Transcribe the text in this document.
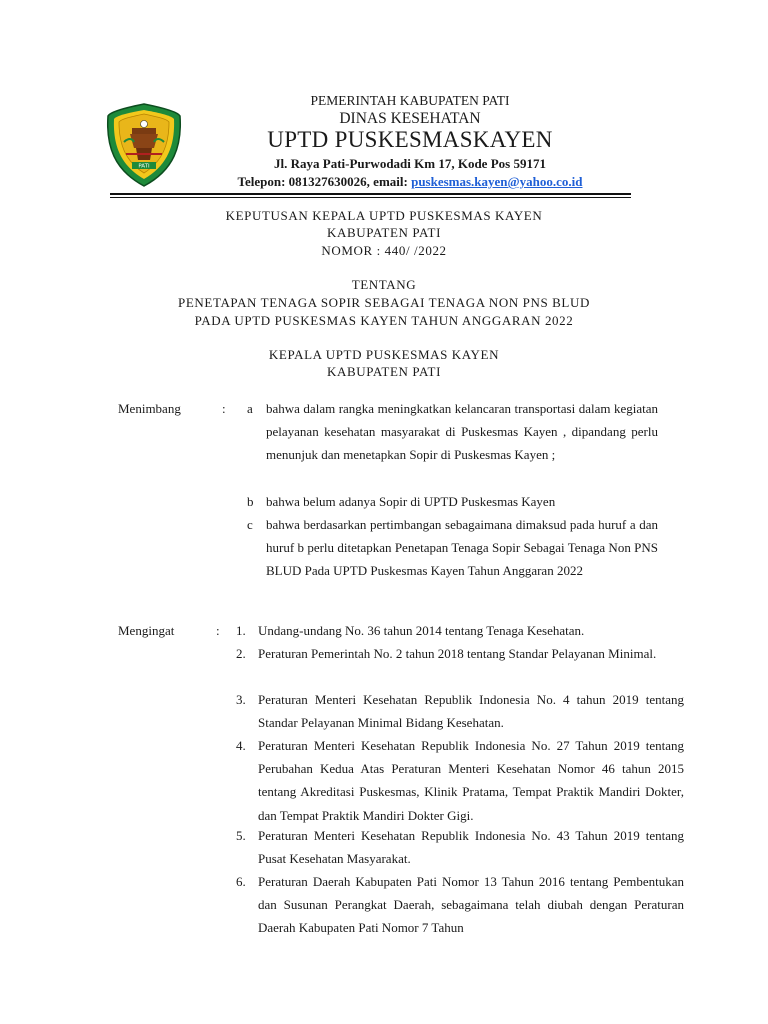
PATI
PEMERINTAH KABUPATEN PATI
DINAS KESEHATAN
UPTD PUSKESMASKAYEN
Jl. Raya Pati-Purwodadi Km 17, Kode Pos 59171
Telepon: 081327630026, email: puskesmas.kayen@yahoo.co.id
KEPUTUSAN KEPALA UPTD PUSKESMAS KAYEN
KABUPATEN PATI
NOMOR : 440/ /2022
TENTANG
PENETAPAN TENAGA SOPIR SEBAGAI TENAGA NON PNS BLUD
PADA UPTD PUSKESMAS KAYEN TAHUN ANGGARAN 2022
KEPALA UPTD PUSKESMAS KAYEN
KABUPATEN PATI
Menimbang	: a bahwa dalam rangka meningkatkan kelancaran transportasi dalam kegiatan pelayanan kesehatan masyarakat di Puskesmas Kayen , dipandang perlu menunjuk dan menetapkan Sopir di Puskesmas Kayen ;
b bahwa belum adanya Sopir di UPTD Puskesmas Kayen
c bahwa berdasarkan pertimbangan sebagaimana dimaksud pada huruf a dan huruf b perlu ditetapkan Penetapan Tenaga Sopir Sebagai Tenaga Non PNS BLUD Pada UPTD Puskesmas Kayen Tahun Anggaran 2022
Mengingat	: 1. Undang-undang No. 36 tahun 2014 tentang Tenaga Kesehatan.
2. Peraturan Pemerintah No. 2 tahun 2018 tentang Standar Pelayanan Minimal.
3. Peraturan Menteri Kesehatan Republik Indonesia No. 4 tahun 2019 tentang Standar Pelayanan Minimal Bidang Kesehatan.
4. Peraturan Menteri Kesehatan Republik Indonesia No. 27 Tahun 2019 tentang Perubahan Kedua Atas Peraturan Menteri Kesehatan Nomor 46 tahun 2015 tentang Akreditasi Puskesmas, Klinik Pratama, Tempat Praktik Mandiri Dokter, dan Tempat Praktik Mandiri Dokter Gigi.
5. Peraturan Menteri Kesehatan Republik Indonesia No. 43 Tahun 2019 tentang Pusat Kesehatan Masyarakat.
6. Peraturan Daerah Kabupaten Pati Nomor 13 Tahun 2016 tentang Pembentukan dan Susunan Perangkat Daerah, sebagaimana telah diubah dengan Peraturan Daerah Kabupaten Pati Nomor 7 Tahun
